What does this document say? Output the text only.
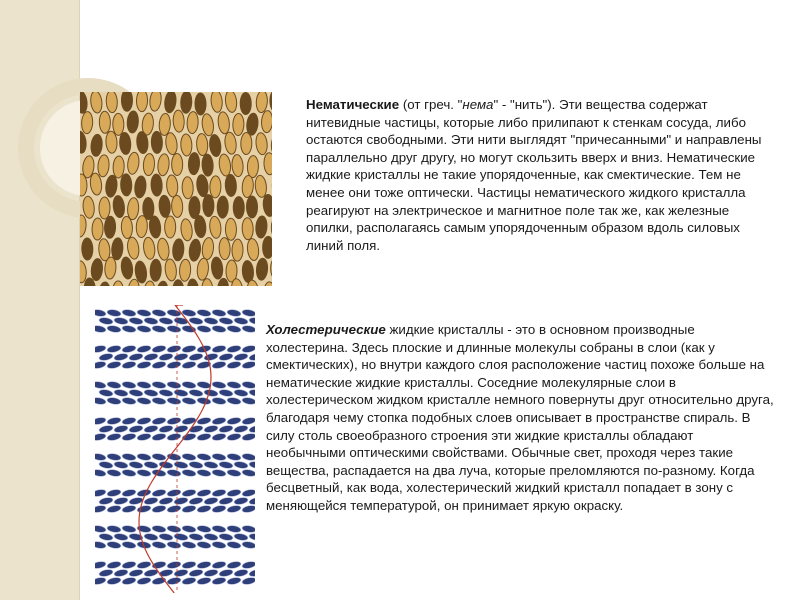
Нематические (от греч. "нема" - "нить"). Эти вещества содержат нитевидные частицы, которые либо прилипают к стенкам сосуда, либо остаются свободными. Эти нити выглядят "причесанными" и направлены параллельно друг другу, но могут скользить вверх и вниз. Нематические жидкие кристаллы не такие упорядоченные, как смектические. Тем не менее они тоже оптически. Частицы нематического жидкого кристалла реагируют на электрическое и магнитное поле так же, как железные опилки, располагаясь самым упорядоченным образом вдоль силовых линий поля.

Холестерические жидкие кристаллы - это в основном производные холестерина. Здесь плоские и длинные молекулы собраны в слои (как у смектических), но внутри каждого слоя расположение частиц похоже больше на нематические жидкие кристаллы. Соседние молекулярные слои в холестерическом жидком кристалле немного повернуты друг относительно друга, благодаря чему стопка подобных слоев описывает в пространстве спираль. В силу столь своеобразного строения эти жидкие кристаллы обладают необычными оптическими свойствами. Обычные свет, проходя через такие вещества, распадается на два луча, которые преломляются по-разному. Когда бесцветный, как вода, холестерический жидкий кристалл попадает в зону с меняющейся температурой, он принимает яркую окраску.
